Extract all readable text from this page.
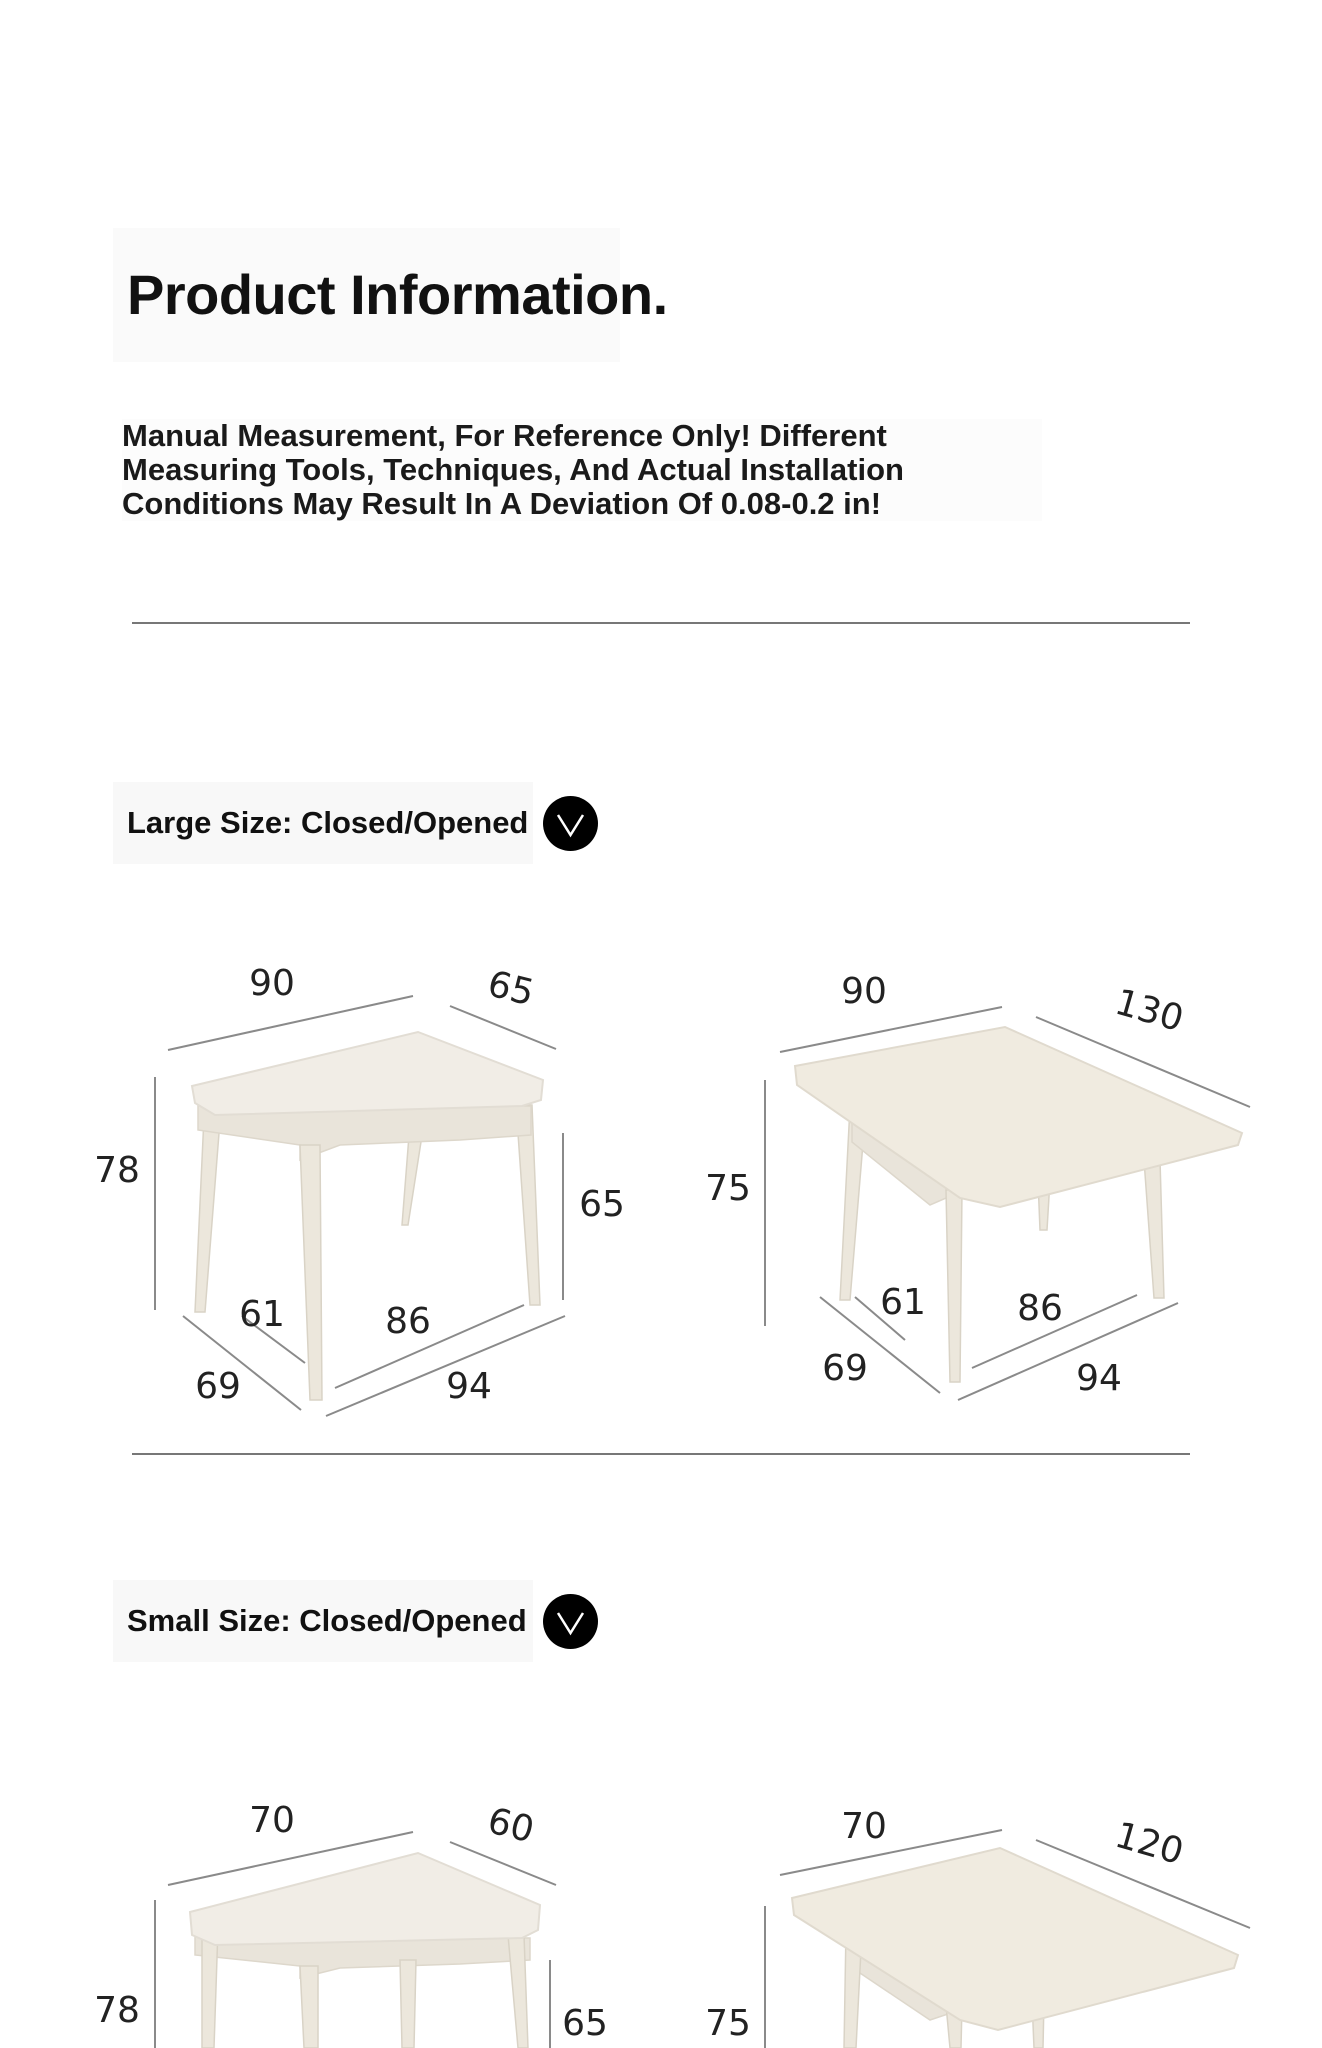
Product Information.
Manual Measurement, For Reference Only! Different Measuring Tools, Techniques, And Actual Installation Conditions May Result In A Deviation Of 0.08-0.2 in!
Large Size: Closed/Opened
90	65
78
65
61	86
69	94
90	130
75
61	86
69	94
Small Size: Closed/Opened
70	60
78	65
70	120
75
